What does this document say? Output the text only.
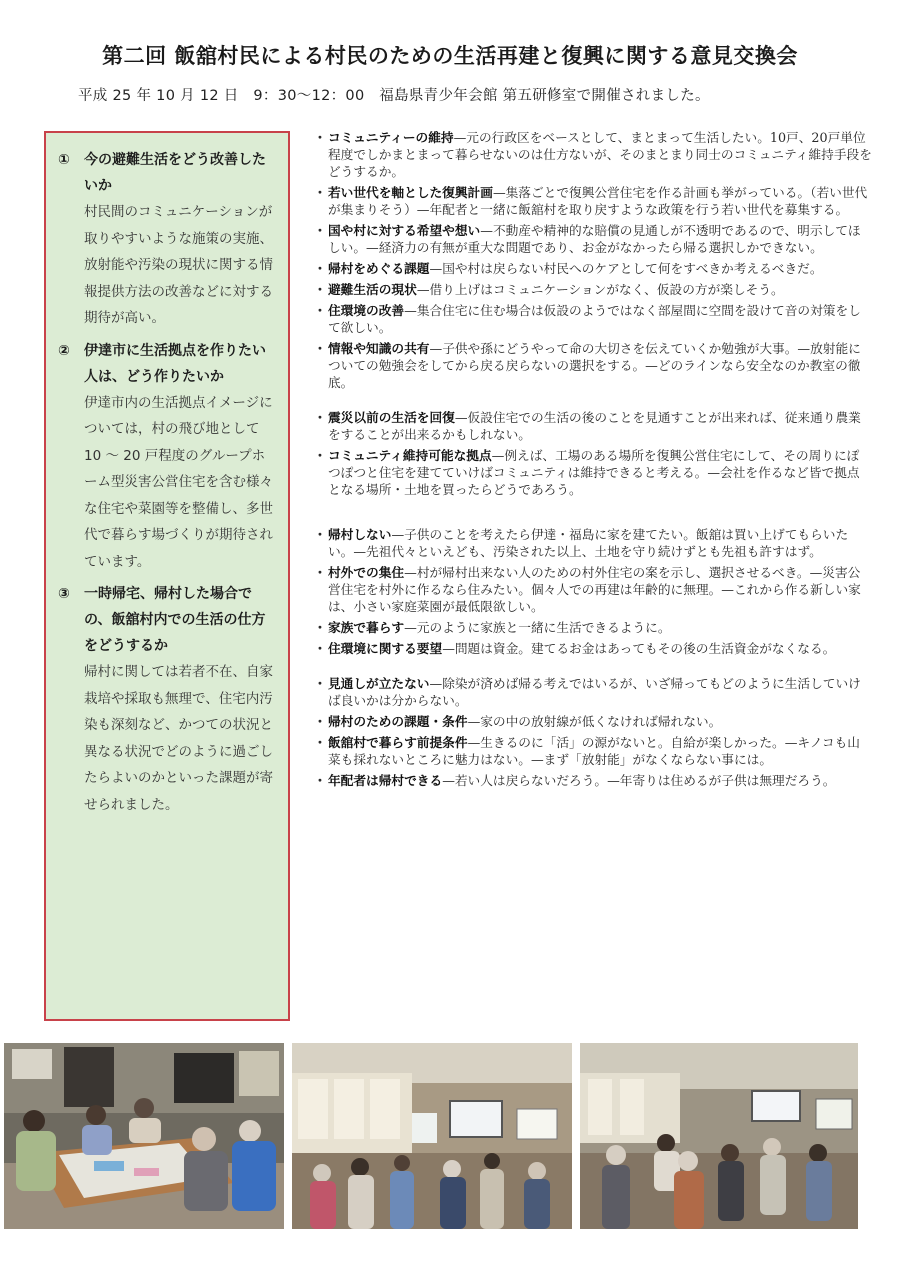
第二回 飯舘村民による村民のための生活再建と復興に関する意見交換会
平成 25 年 10 月 12 日　9：30～12：00　福島県青少年会館 第五研修室で開催されました。
①	今の避難生活をどう改善したいか
村民間のコミュニケーションが取りやすいような施策の実施、放射能や汚染の現状に関する情報提供方法の改善などに対する期待が高い。
②	伊達市に生活拠点を作りたい人は、どう作りたいか
伊達市内の生活拠点イメージについては，村の飛び地として 10 ～ 20 戸程度のグループホーム型災害公営住宅を含む様々な住宅や菜園等を整備し、多世代で暮らす場づくりが期待されています。
③	一時帰宅、帰村した場合での、飯舘村内での生活の仕方をどうするか
帰村に関しては若者不在、自家栽培や採取も無理で、住宅内汚染も深刻など、かつての状況と異なる状況でどのように過ごしたらよいのかといった課題が寄せられました。
・ コミュニティーの維持—元の行政区をベースとして、まとまって生活したい。10戸、20戸単位程度でしかまとまって暮らせないのは仕方ないが、そのまとまり同士のコミュニティ維持手段をどうするか。
・ 若い世代を軸とした復興計画—集落ごとで復興公営住宅を作る計画も挙がっている。（若い世代が集まりそう）—年配者と一緒に飯舘村を取り戻すような政策を行う若い世代を募集する。
・ 国や村に対する希望や想い—不動産や精神的な賠償の見通しが不透明であるので、明示してほしい。—経済力の有無が重大な問題であり、お金がなかったら帰る選択しかできない。
・ 帰村をめぐる課題—国や村は戻らない村民へのケアとして何をすべきか考えるべきだ。
・ 避難生活の現状—借り上げはコミュニケーションがなく、仮設の方が楽しそう。
・ 住環境の改善—集合住宅に住む場合は仮設のようではなく部屋間に空間を設けて音の対策をして欲しい。
・ 情報や知識の共有—子供や孫にどうやって命の大切さを伝えていくか勉強が大事。—放射能についての勉強会をしてから戻る戻らないの選択をする。—どのラインなら安全なのか教室の徹底。
・ 震災以前の生活を回復—仮設住宅での生活の後のことを見通すことが出来れば、従来通り農業をすることが出来るかもしれない。
・ コミュニティ維持可能な拠点—例えば、工場のある場所を復興公営住宅にして、その周りにぽつぽつと住宅を建てていけばコミュニティは維持できると考える。—会社を作るなど皆で拠点となる場所・土地を買ったらどうであろう。
・ 帰村しない—子供のことを考えたら伊達・福島に家を建てたい。飯舘は買い上げてもらいたい。—先祖代々といえども、汚染された以上、土地を守り続けずとも先祖も許すはず。
・ 村外での集住—村が帰村出来ない人のための村外住宅の案を示し、選択させるべき。—災害公営住宅を村外に作るなら住みたい。個々人での再建は年齢的に無理。—これから作る新しい家は、小さい家庭菜園が最低限欲しい。
・ 家族で暮らす—元のように家族と一緒に生活できるように。
・ 住環境に関する要望—問題は資金。建てるお金はあってもその後の生活資金がなくなる。
・ 見通しが立たない—除染が済めば帰る考えではいるが、いざ帰ってもどのように生活していけば良いかは分からない。
・ 帰村のための課題・条件—家の中の放射線が低くなければ帰れない。
・ 飯舘村で暮らす前提条件—生きるのに「活」の源がないと。自給が楽しかった。—キノコも山菜も採れないところに魅力はない。—まず「放射能」がなくならない事には。
・ 年配者は帰村できる—若い人は戻らないだろう。—年寄りは住めるが子供は無理だろう。
